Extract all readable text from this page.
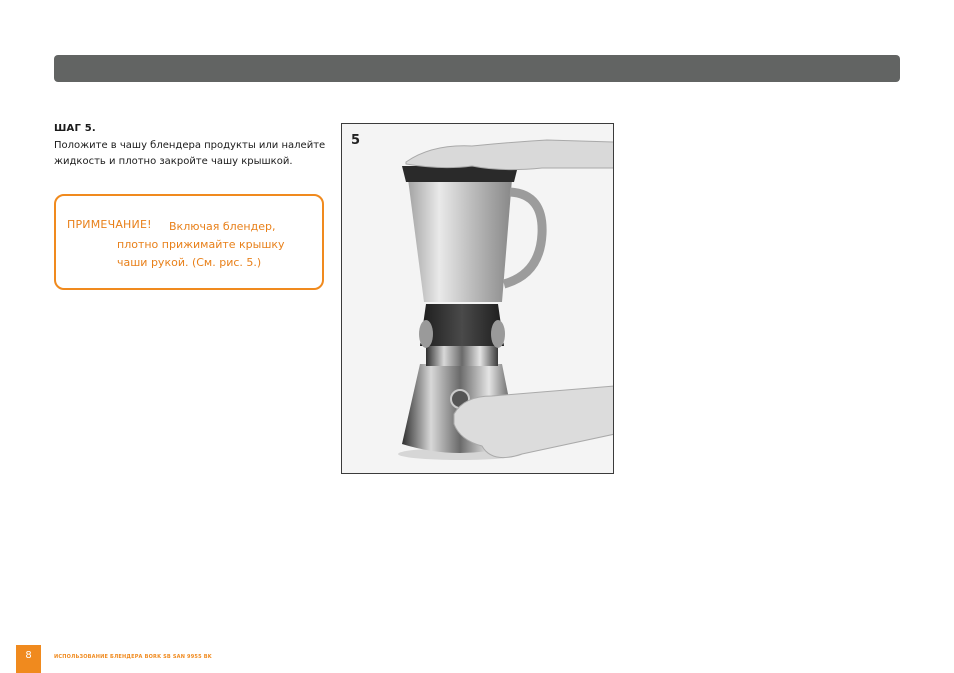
ШАГ 5.
Положите в чашу блендера продукты или налейте
жидкость и плотно закройте чашу крышкой.
ПРИМЕЧАНИЕ!	Включая блендер,
плотно прижимайте крышку
чаши рукой. (См. рис. 5.)
5
8	ИСПОЛЬЗОВАНИЕ БЛЕНДЕРА BORK SB SAN 9955 BK
